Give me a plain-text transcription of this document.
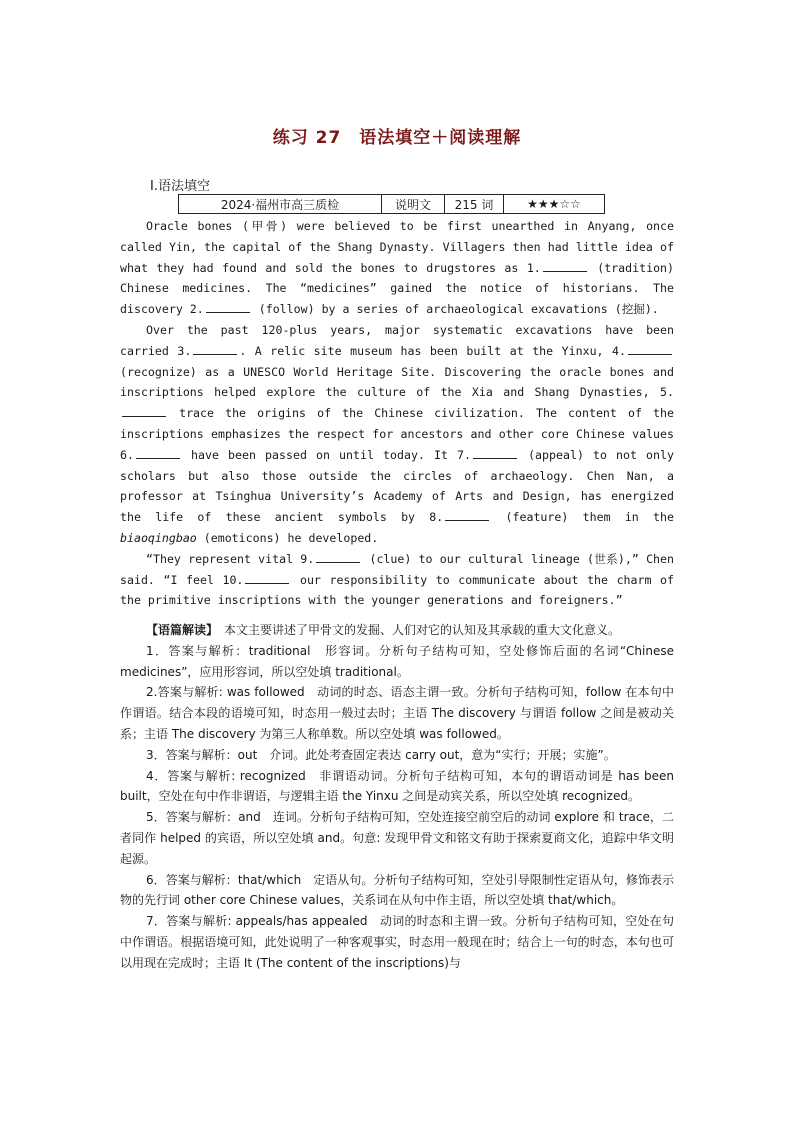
练习 27　语法填空＋阅读理解
Ⅰ.语法填空
2024·福州市高三质检	说明文	215 词	★★★☆☆

Oracle bones (甲骨) were believed to be first unearthed in Anyang, once called Yin, the capital of the Shang Dynasty. Villagers then had little idea of what they had found and sold the bones to drugstores as 1.	(tradition) Chinese medicines. The “medicines” gained the notice of historians. The discovery 2.	(follow) by a series of archaeological excavations (挖掘).

Over the past 120-plus years, major systematic excavations have been carried 3.	. A relic site museum has been built at the Yinxu, 4. (recognize) as a UNESCO World Heritage Site. Discovering the oracle bones and inscriptions helped explore the culture of the Xia and Shang Dynasties, 5. trace the origins of the Chinese civilization. The content of the inscriptions emphasizes the respect for ancestors and other core Chinese values 6.	have been passed on until today. It 7.	(appeal) to not only scholars but also those outside the circles of archaeology. Chen Nan, a professor at Tsinghua University’s Academy of Arts and Design, has energized the life of these ancient symbols by 8.	(feature) them in the biaoqingbao (emoticons) he developed.

“They represent vital 9.	(clue) to our cultural lineage (世系),” Chen said. “I feel 10.	our responsibility to communicate about the charm of the primitive inscriptions with the younger generations and foreigners.”

【语篇解读】　本文主要讲述了甲骨文的发掘、人们对它的认知及其承载的重大文化意义。

1．答案与解析：traditional　形容词。分析句子结构可知，空处修饰后面的名词“Chinese medicines”，应用形容词，所以空处填 traditional。

2.答案与解析: was followed　动词的时态、语态主谓一致。分析句子结构可知，follow 在本句中作谓语。结合本段的语境可知，时态用一般过去时；主语 The discovery 与谓语 follow 之间是被动关系；主语 The discovery 为第三人称单数。所以空处填 was followed。

3．答案与解析：out　介词。此处考查固定表达 carry out，意为“实行；开展；实施”。

4．答案与解析: recognized　非谓语动词。分析句子结构可知，本句的谓语动词是 has been built，空处在句中作非谓语，与逻辑主语 the Yinxu 之间是动宾关系，所以空处填 recognized。

5．答案与解析：and　连词。分析句子结构可知，空处连接空前空后的动词 explore 和 trace，二者同作 helped 的宾语，所以空处填 and。句意: 发现甲骨文和铭文有助于探索夏商文化，追踪中华文明起源。

6．答案与解析：that/which　定语从句。分析句子结构可知，空处引导限制性定语从句，修饰表示物的先行词 other core Chinese values，关系词在从句中作主语，所以空处填 that/which。

7．答案与解析: appeals/has appealed　动词的时态和主谓一致。分析句子结构可知，空处在句中作谓语。根据语境可知，此处说明了一种客观事实，时态用一般现在时；结合上一句的时态，本句也可以用现在完成时；主语 It (The content of the inscriptions)与
